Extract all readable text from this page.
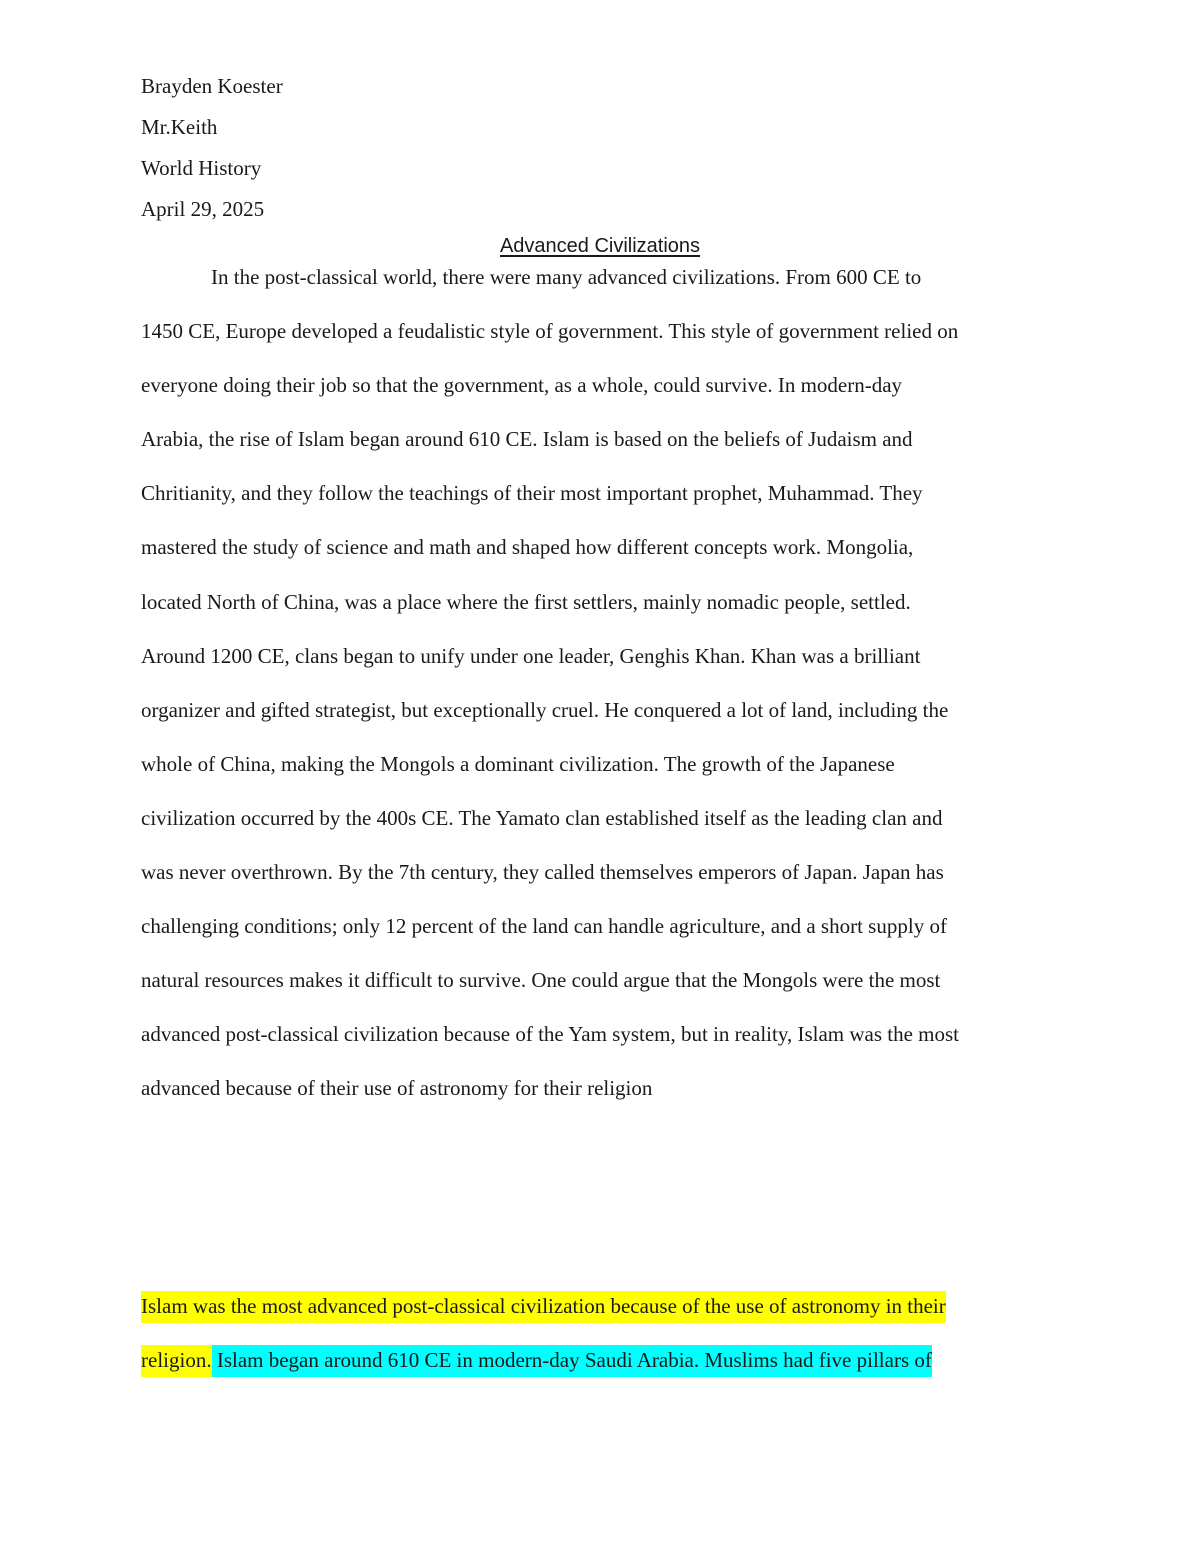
Brayden Koester
Mr.Keith
World History
April 29, 2025
Advanced Civilizations
In the post-classical world, there were many advanced civilizations. From 600 CE to
1450 CE, Europe developed a feudalistic style of government. This style of government relied on
everyone doing their job so that the government, as a whole, could survive. In modern-day
Arabia, the rise of Islam began around 610 CE. Islam is based on the beliefs of Judaism and
Chritianity, and they follow the teachings of their most important prophet, Muhammad. They
mastered the study of science and math and shaped how different concepts work. Mongolia,
located North of China, was a place where the first settlers, mainly nomadic people, settled.
Around 1200 CE, clans began to unify under one leader, Genghis Khan. Khan was a brilliant
organizer and gifted strategist, but exceptionally cruel. He conquered a lot of land, including the
whole of China, making the Mongols a dominant civilization. The growth of the Japanese
civilization occurred by the 400s CE. The Yamato clan established itself as the leading clan and
was never overthrown. By the 7th century, they called themselves emperors of Japan. Japan has
challenging conditions; only 12 percent of the land can handle agriculture, and a short supply of
natural resources makes it difficult to survive. One could argue that the Mongols were the most
advanced post-classical civilization because of the Yam system, but in reality, Islam was the most
advanced because of their use of astronomy for their religion
Islam was the most advanced post-classical civilization because of the use of astronomy in their
religion. Islam began around 610 CE in modern-day Saudi Arabia. Muslims had five pillars of
